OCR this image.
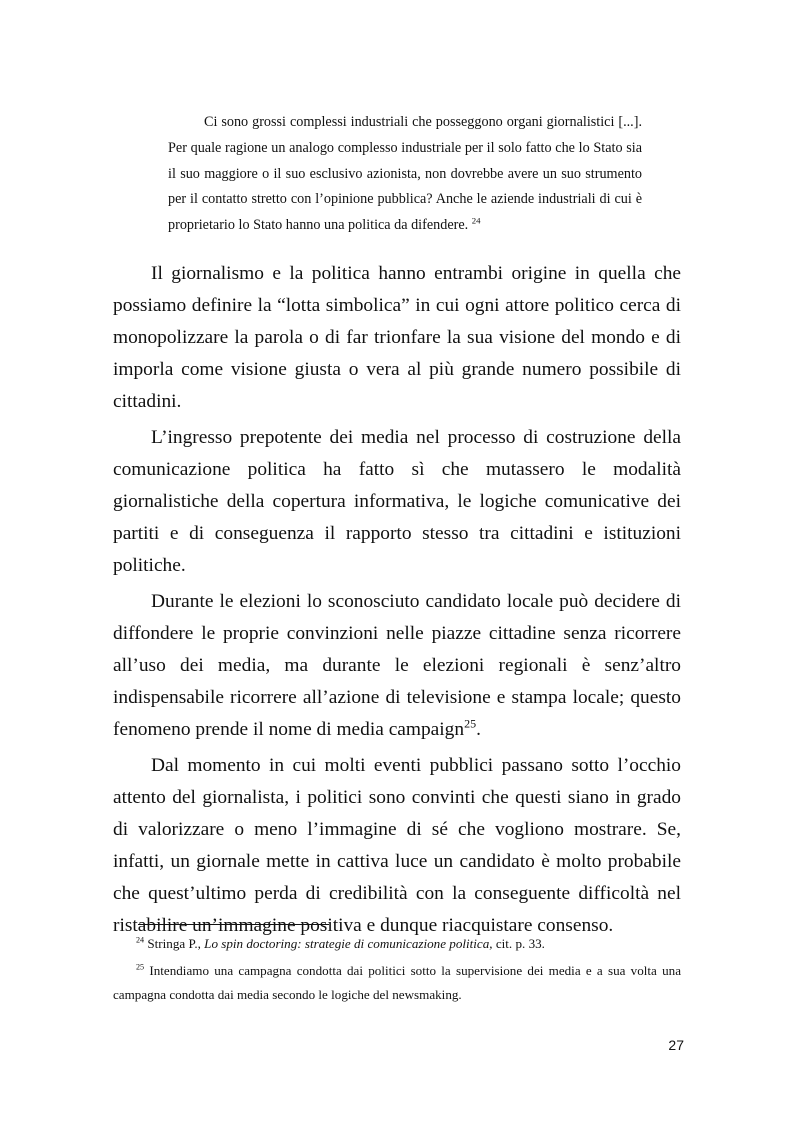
Ci sono grossi complessi industriali che posseggono organi giornalistici [...]. Per quale ragione un analogo complesso industriale per il solo fatto che lo Stato sia il suo maggiore o il suo esclusivo azionista, non dovrebbe avere un suo strumento per il contatto stretto con l’opinione pubblica? Anche le aziende industriali di cui è proprietario lo Stato hanno una politica da difendere. $^{24}$

Il giornalismo e la politica hanno entrambi origine in quella che possiamo definire la “lotta simbolica” in cui ogni attore politico cerca di monopolizzare la parola o di far trionfare la sua visione del mondo e di imporla come visione giusta o vera al più grande numero possibile di cittadini.

L’ingresso prepotente dei media nel processo di costruzione della comunicazione politica ha fatto sì che mutassero le modalità giornalistiche della copertura informativa, le logiche comunicative dei partiti e di conseguenza il rapporto stesso tra cittadini e istituzioni politiche.

Durante le elezioni lo sconosciuto candidato locale può decidere di diffondere le proprie convinzioni nelle piazze cittadine senza ricorrere all’uso dei media, ma durante le elezioni regionali è senz’altro indispensabile ricorrere all’azione di televisione e stampa locale; questo fenomeno prende il nome di media campaign$^{25}$.

Dal momento in cui molti eventi pubblici passano sotto l’occhio attento del giornalista, i politici sono convinti che questi siano in grado di valorizzare o meno l’immagine di sé che vogliono mostrare. Se, infatti, un giornale mette in cattiva luce un candidato è molto probabile che quest’ultimo perda di credibilità con la conseguente difficoltà nel ristabilire un’immagine positiva e dunque riacquistare consenso.

$^{24}$ Stringa P., Lo spin doctoring: strategie di comunicazione politica, cit. p. 33.

$^{25}$ Intendiamo una campagna condotta dai politici sotto la supervisione dei media e a sua volta una campagna condotta dai media secondo le logiche del newsmaking.

27
